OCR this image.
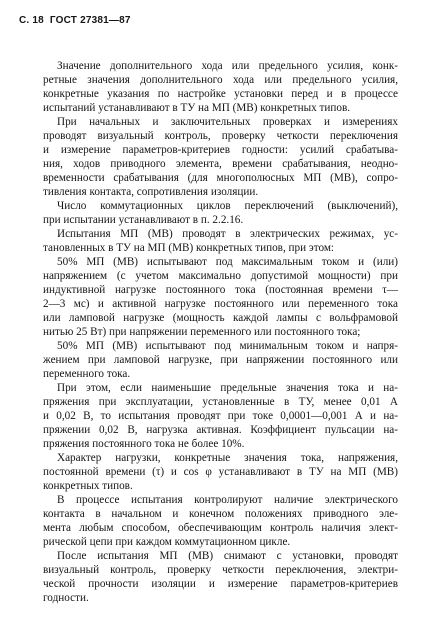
С. 18 ГОСТ 27381—87
Значение дополнительного хода или предельного усилия, конк-
ретные значения дополнительного хода или предельного усилия,
конкретные указания по настройке установки перед и в процессе
испытаний устанавливают в ТУ на МП (МВ) конкретных типов.
При начальных и заключительных проверках и измерениях
проводят визуальный контроль, проверку четкости переключения
и измерение параметров-критериев годности: усилий срабатыва-
ния, ходов приводного элемента, времени срабатывания, неодно-
временности срабатывания (для многополюсных МП (МВ), сопро-
тивления контакта, сопротивления изоляции.
Число коммутационных циклов переключений (выключений),
при испытании устанавливают в п. 2.2.16.
Испытания МП (МВ) проводят в электрических режимах, ус-
тановленных в ТУ на МП (МВ) конкретных типов, при этом:
50% МП (МВ) испытывают под максимальным током и (или)
напряжением (с учетом максимально допустимой мощности) при
индуктивной нагрузке постоянного тока (постоянная времени τ—
2—3 мс) и активной нагрузке постоянного или переменного тока
или ламповой нагрузке (мощность каждой лампы с вольфрамовой
нитью 25 Вт) при напряжении переменного или постоянного тока;
50% МП (МВ) испытывают под минимальным током и напря-
жением при ламповой нагрузке, при напряжении постоянного или
переменного тока.
При этом, если наименьшие предельные значения тока и на-
пряжения при эксплуатации, установленные в ТУ, менее 0,01 А
и 0,02 В, то испытания проводят при токе 0,0001—0,001 А и на-
пряжении 0,02 В, нагрузка активная. Коэффициент пульсации на-
пряжения постоянного тока не более 10%.
Характер нагрузки, конкретные значения тока, напряжения,
постоянной времени (τ) и cos φ устанавливают в ТУ на МП (МВ)
конкретных типов.
В процессе испытания контролируют наличие электрического
контакта в начальном и конечном положениях приводного эле-
мента любым способом, обеспечивающим контроль наличия элект-
рической цепи при каждом коммутационном цикле.
После испытания МП (МВ) снимают с установки, проводят
визуальный контроль, проверку четкости переключения, электри-
ческой прочности изоляции и измерение параметров-критериев
годности.
